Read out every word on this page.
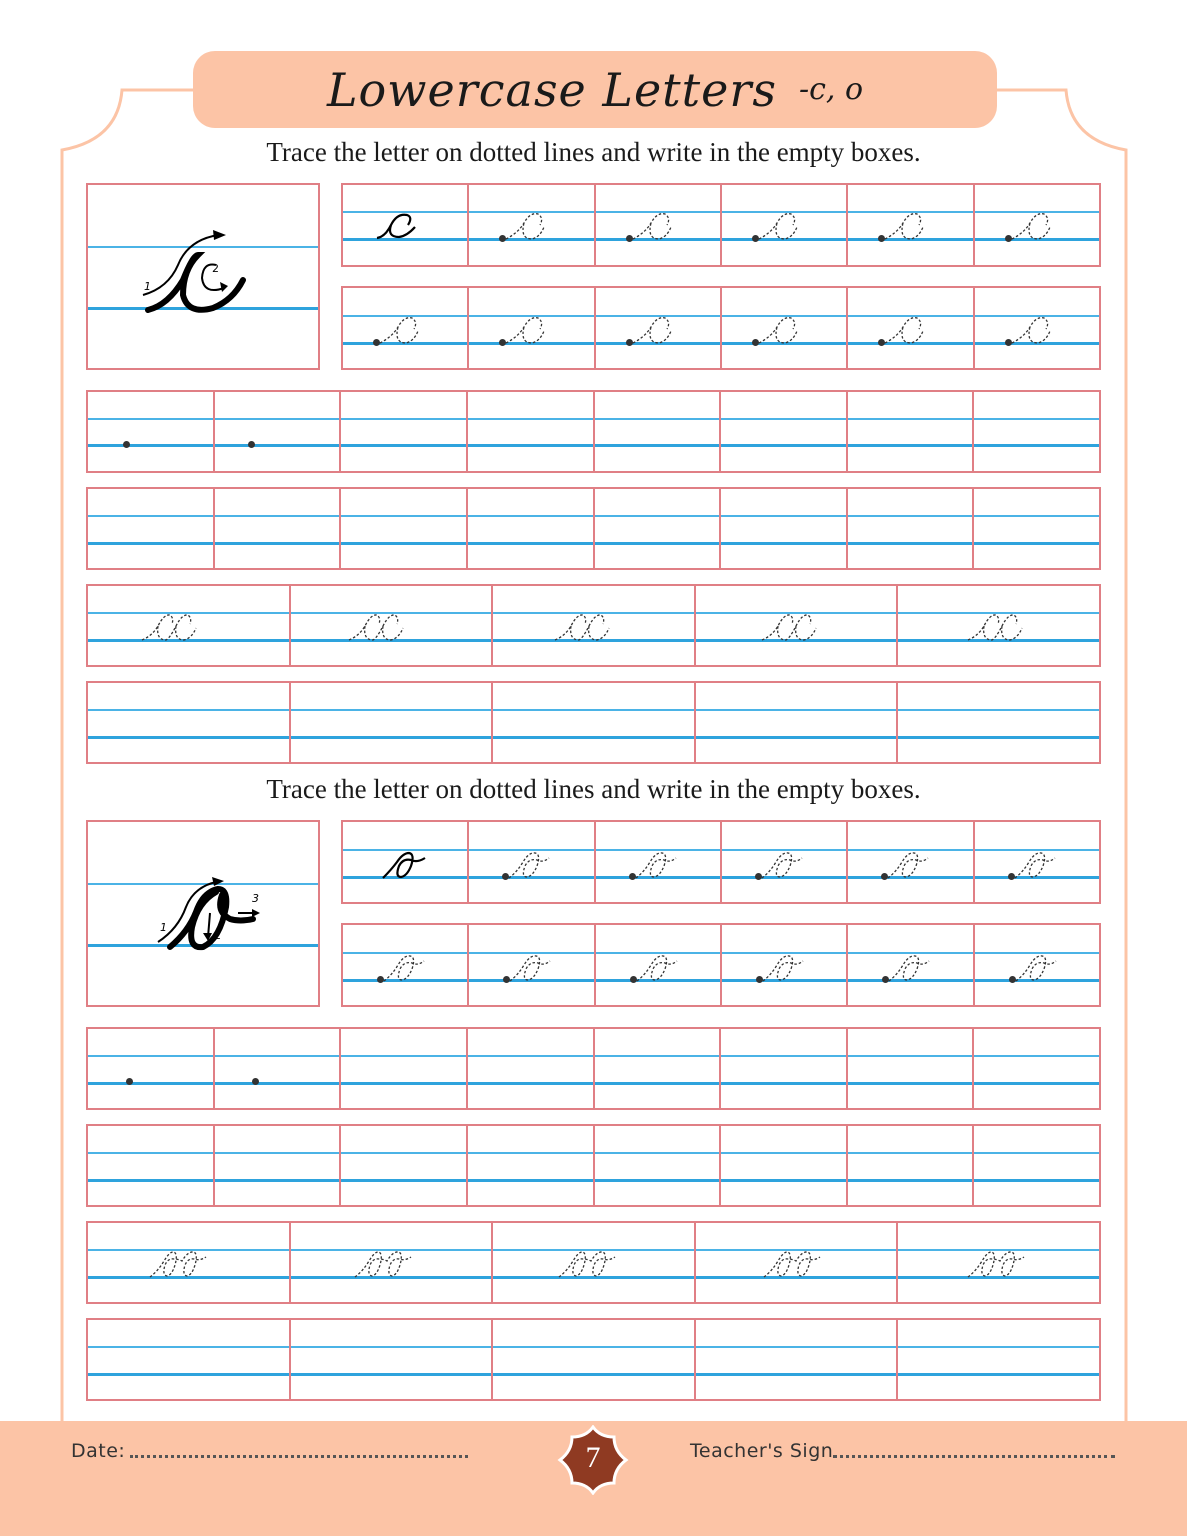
Lowercase Letters -c, o
Trace the letter on dotted lines and write in the empty boxes.
1
2
Trace the letter on dotted lines and write in the empty boxes.
1
2
3
Date:	7	Teacher's Sign
